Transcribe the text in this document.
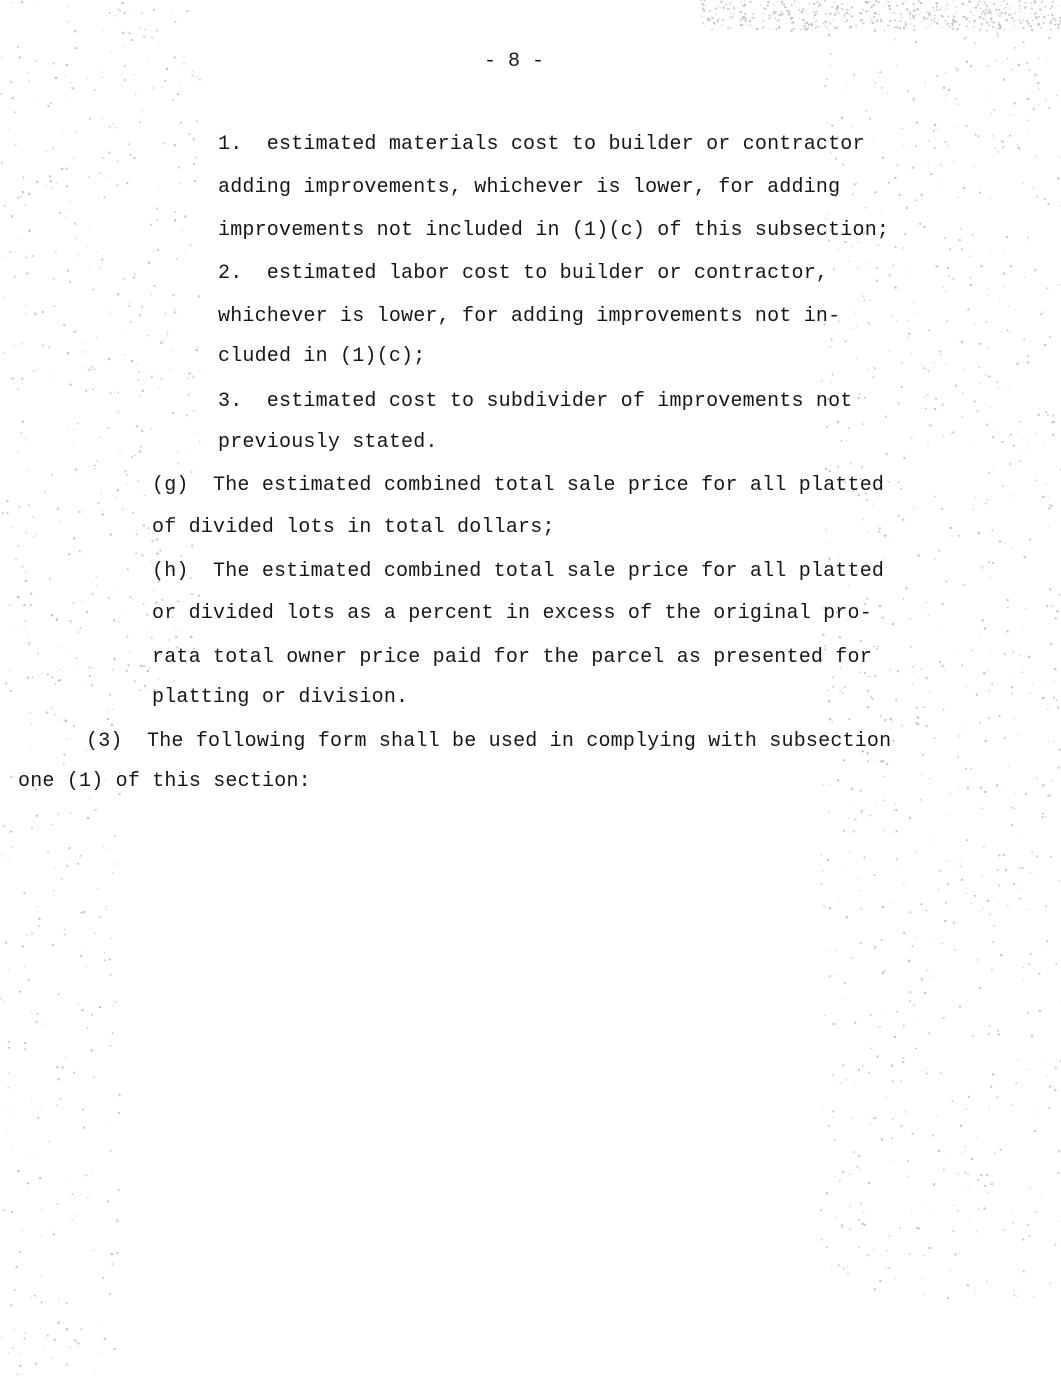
- 8 -
1.  estimated materials cost to builder or contractor
adding improvements, whichever is lower, for adding
improvements not included in (1)(c) of this subsection;
2.  estimated labor cost to builder or contractor,
whichever is lower, for adding improvements not in-
cluded in (1)(c);
3.  estimated cost to subdivider of improvements not
previously stated.
(g)  The estimated combined total sale price for all platted
of divided lots in total dollars;
(h)  The estimated combined total sale price for all platted
or divided lots as a percent in excess of the original pro-
rata total owner price paid for the parcel as presented for
platting or division.
(3)  The following form shall be used in complying with subsection
one (1) of this section:
